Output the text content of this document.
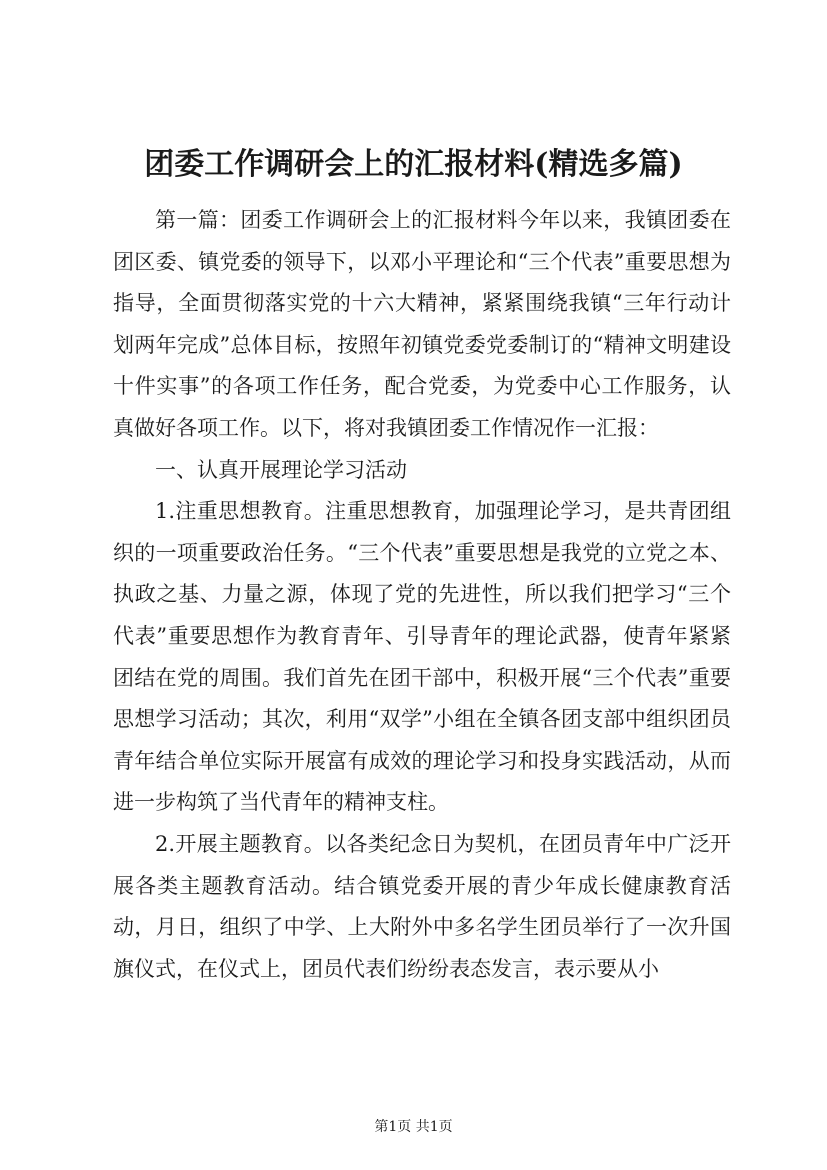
团委工作调研会上的汇报材料(精选多篇)

第一篇：团委工作调研会上的汇报材料今年以来，我镇团委在团区委、镇党委的领导下，以邓小平理论和“三个代表”重要思想为指导，全面贯彻落实党的十六大精神，紧紧围绕我镇“三年行动计划两年完成”总体目标，按照年初镇党委党委制订的“精神文明建设十件实事”的各项工作任务，配合党委，为党委中心工作服务，认真做好各项工作。以下，将对我镇团委工作情况作一汇报：

一、认真开展理论学习活动

1.注重思想教育。注重思想教育，加强理论学习，是共青团组织的一项重要政治任务。“三个代表”重要思想是我党的立党之本、执政之基、力量之源，体现了党的先进性，所以我们把学习“三个代表”重要思想作为教育青年、引导青年的理论武器，使青年紧紧团结在党的周围。我们首先在团干部中，积极开展“三个代表”重要思想学习活动；其次，利用“双学”小组在全镇各团支部中组织团员青年结合单位实际开展富有成效的理论学习和投身实践活动，从而进一步构筑了当代青年的精神支柱。

2.开展主题教育。以各类纪念日为契机，在团员青年中广泛开展各类主题教育活动。结合镇党委开展的青少年成长健康教育活动，月日，组织了中学、上大附外中多名学生团员举行了一次升国旗仪式，在仪式上，团员代表们纷纷表态发言，表示要从小

第1页 共1页
